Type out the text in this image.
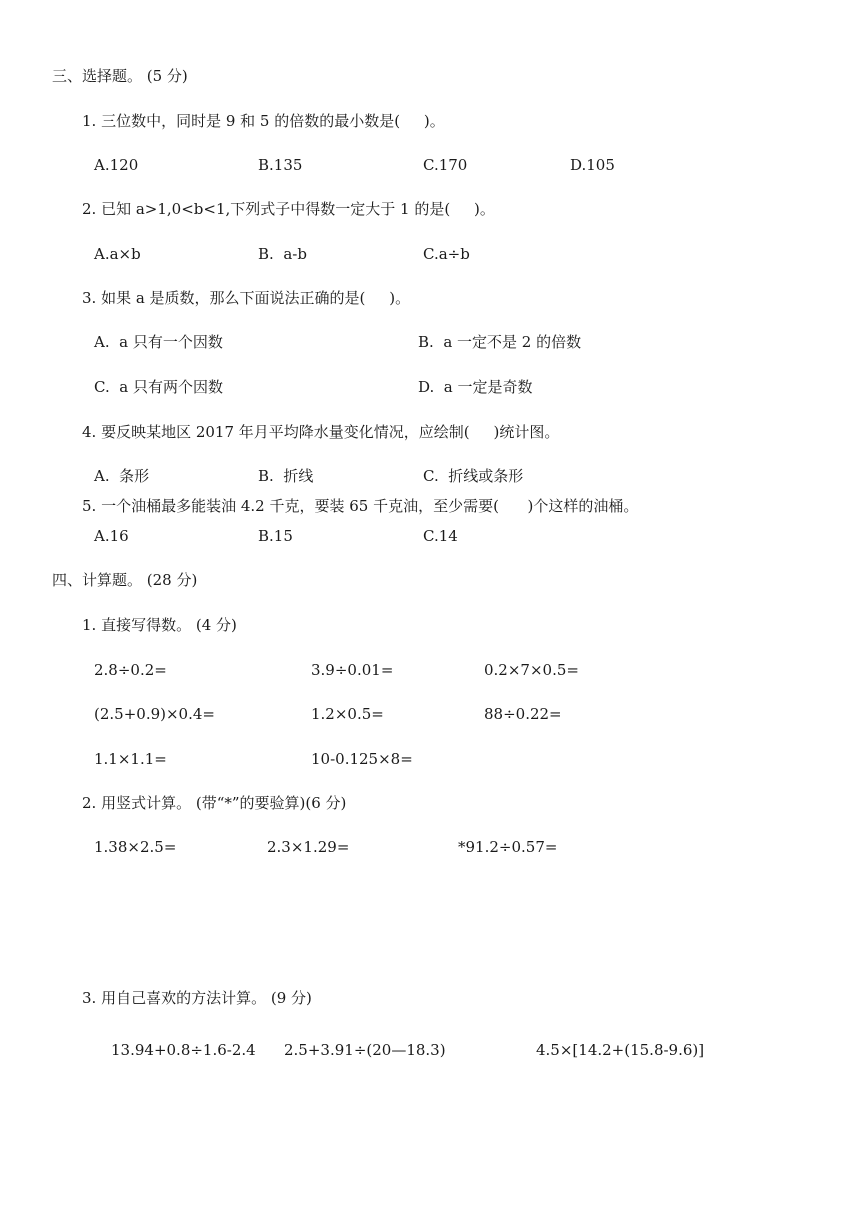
三、选择题。 (5 分)
1. 三位数中，同时是 9 和 5 的倍数的最小数是(     )。
A.120	B.135	C.170	D.105
2. 已知 a>1,0<b<1,下列式子中得数一定大于 1 的是(     )。
A.a×b	B.  a-b	C.a÷b
3. 如果 a 是质数，那么下面说法正确的是(     )。
A.  a 只有一个因数	B.  a 一定不是 2 的倍数
C.  a 只有两个因数	D.  a 一定是奇数
4. 要反映某地区 2017 年月平均降水量变化情况，应绘制(     )统计图。
A.  条形	B.  折线	C.  折线或条形
5. 一个油桶最多能装油 4.2 千克，要装 65 千克油，至少需要(      )个这样的油桶。
A.16	B.15	C.14
四、计算题。 (28 分)
1. 直接写得数。 (4 分)
2.8÷0.2=	3.9÷0.01=	0.2×7×0.5=
(2.5+0.9)×0.4=	1.2×0.5=	88÷0.22=
1.1×1.1=	10-0.125×8=
2. 用竖式计算。 (带“*”的要验算)(6 分)
1.38×2.5=	2.3×1.29=	*91.2÷0.57=
3. 用自己喜欢的方法计算。 (9 分)
13.94+0.8÷1.6-2.4 2.5+3.91÷(20—18.3)	4.5×[14.2+(15.8-9.6)]
